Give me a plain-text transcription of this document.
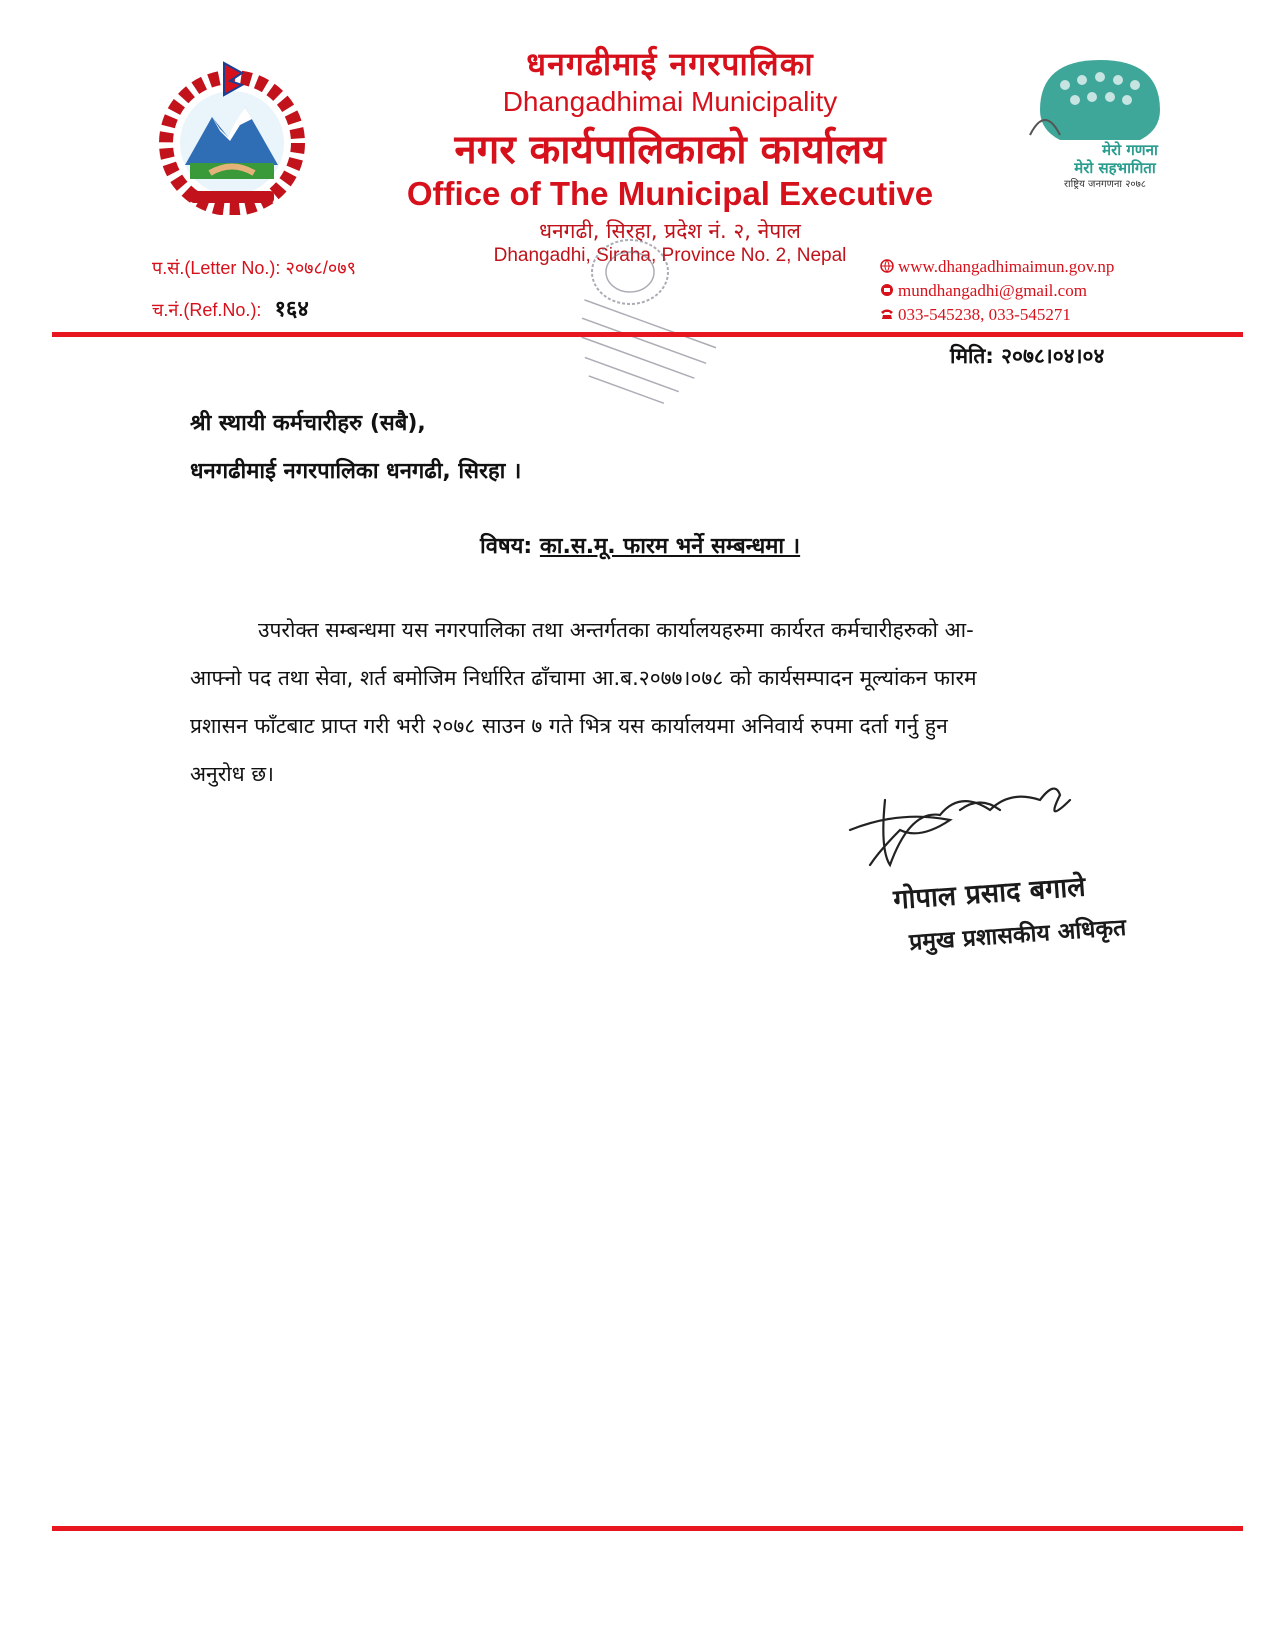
मेरो गणना
मेरो सहभागिता
राष्ट्रिय जनगणना २०७८
धनगढीमाई नगरपालिका
Dhangadhimai Municipality
नगर कार्यपालिकाको कार्यालय
Office of The Municipal Executive
धनगढी, सिरहा, प्रदेश नं. २, नेपाल
Dhangadhi, Siraha, Province No. 2, Nepal
प.सं.(Letter No.): २०७८/०७९
च.नं.(Ref.No.): १६४
www.dhangadhimaimun.gov.np
mundhangadhi@gmail.com
033-545238, 033-545271
मिति: २०७८।०४।०४
श्री स्थायी कर्मचारीहरु (सबै),
धनगढीमाई नगरपालिका धनगढी, सिरहा ।
विषय: का.स.मू. फारम भर्ने सम्बन्धमा ।
उपरोक्त सम्बन्धमा यस नगरपालिका तथा अन्तर्गतका कार्यालयहरुमा कार्यरत कर्मचारीहरुको आ-
आफ्नो पद तथा सेवा, शर्त बमोजिम निर्धारित ढाँचामा आ.ब.२०७७।०७८ को कार्यसम्पादन मूल्यांकन फारम
प्रशासन फाँटबाट प्राप्त गरी भरी २०७८ साउन ७ गते भित्र यस कार्यालयमा अनिवार्य रुपमा दर्ता गर्नु हुन
अनुरोध छ।
गोपाल प्रसाद बगाले
प्रमुख प्रशासकीय अधिकृत
